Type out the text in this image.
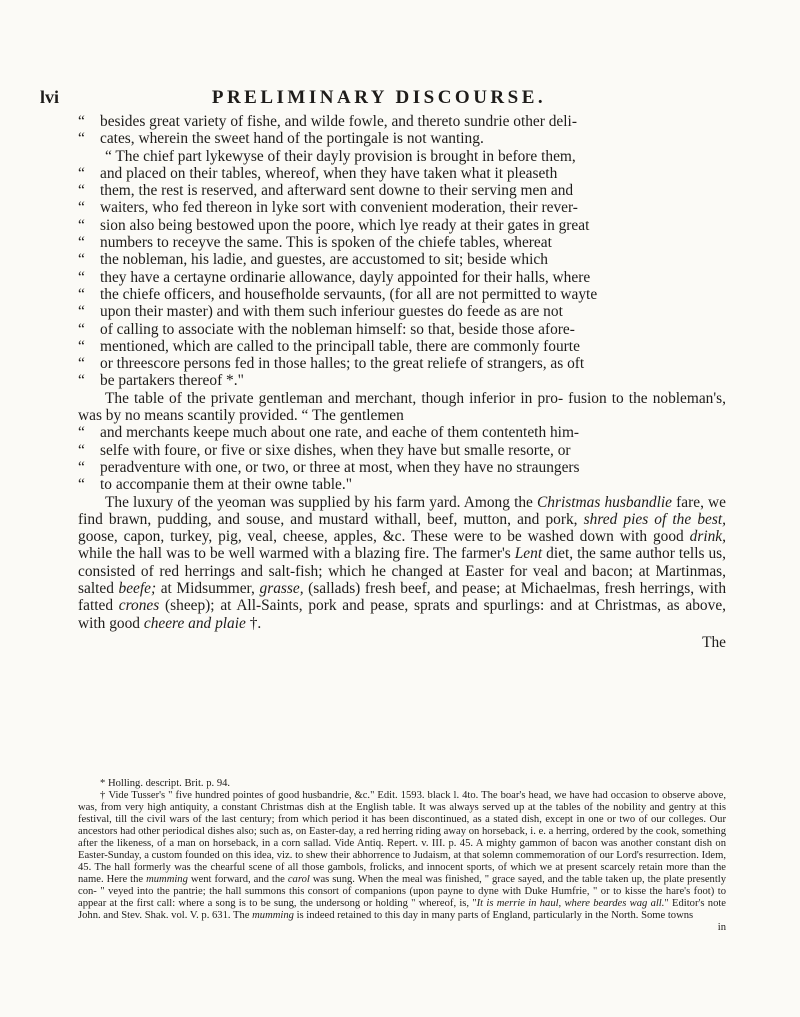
lvi	PRELIMINARY DISCOURSE.

“ besides great variety of fishe, and wilde fowle, and thereto sundrie other deli-

“ cates, wherein the sweet hand of the portingale is not wanting.

“ The chief part lykewyse of their dayly provision is brought in before them,

“ and placed on their tables, whereof, when they have taken what it pleaseth

“ them, the rest is reserved, and afterward sent downe to their serving men and

“ waiters, who fed thereon in lyke sort with convenient moderation, their rever-

“ sion also being bestowed upon the poore, which lye ready at their gates in great

“ numbers to receyve the same. This is spoken of the chiefe tables, whereat

“ the nobleman, his ladie, and guestes, are accustomed to sit; beside which

“ they have a certayne ordinarie allowance, dayly appointed for their halls, where

“ the chiefe officers, and housefholde servaunts, (for all are not permitted to wayte

“ upon their master) and with them such inferiour guestes do feede as are not

“ of calling to associate with the nobleman himself: so that, beside those afore-

“ mentioned, which are called to the principall table, there are commonly fourte

“ or threescore persons fed in those halles; to the great reliefe of strangers, as oft

“ be partakers thereof *."

The table of the private gentleman and merchant, though inferior in pro- fusion to the nobleman's, was by no means scantily provided. “ The gentlemen

“ and merchants keepe much about one rate, and eache of them contenteth him-

“ selfe with foure, or five or sixe dishes, when they have but smalle resorte, or

“ peradventure with one, or two, or three at most, when they have no straungers

“ to accompanie them at their owne table."

The luxury of the yeoman was supplied by his farm yard. Among the Christmas husbandlie fare, we find brawn, pudding, and souse, and mustard withall, beef, mutton, and pork, shred pies of the best, goose, capon, turkey, pig, veal, cheese, apples, &c. These were to be washed down with good drink, while the hall was to be well warmed with a blazing fire. The farmer's Lent diet, the same author tells us, consisted of red herrings and salt-fish; which he changed at Easter for veal and bacon; at Martinmas, salted beefe; at Midsummer, grasse, (sallads) fresh beef, and pease; at Michaelmas, fresh herrings, with fatted crones (sheep); at All-Saints, pork and pease, sprats and spurlings: and at Christmas, as above, with good cheere and plaie †.

The

* Holling. descript. Brit. p. 94.

† Vide Tusser's " five hundred pointes of good husbandrie, &c." Edit. 1593. black l. 4to. The boar's head, we have had occasion to observe above, was, from very high antiquity, a constant Christmas dish at the English table. It was always served up at the tables of the nobility and gentry at this festival, till the civil wars of the last century; from which period it has been discontinued, as a stated dish, except in one or two of our colleges. Our ancestors had other periodical dishes also; such as, on Easter-day, a red herring riding away on horseback, i. e. a herring, ordered by the cook, something after the likeness, of a man on horseback, in a corn sallad. Vide Antiq. Repert. v. III. p. 45. A mighty gammon of bacon was another constant dish on Easter-Sunday, a custom founded on this idea, viz. to shew their abhorrence to Judaism, at that solemn commemoration of our Lord's resurrection. Idem, 45. The hall formerly was the chearful scene of all those gambols, frolicks, and innocent sports, of which we at present scarcely retain more than the name. Here the mumming went forward, and the carol was sung. When the meal was finished, " grace sayed, and the table taken up, the plate presently con- " veyed into the pantrie; the hall summons this consort of companions (upon payne to dyne with Duke Humfrie, " or to kisse the hare's foot) to appear at the first call: where a song is to be sung, the undersong or holding " whereof, is, "It is merrie in haul, where beardes wag all." Editor's note John. and Stev. Shak. vol. V. p. 631. The mumming is indeed retained to this day in many parts of England, particularly in the North. Some towns

in
